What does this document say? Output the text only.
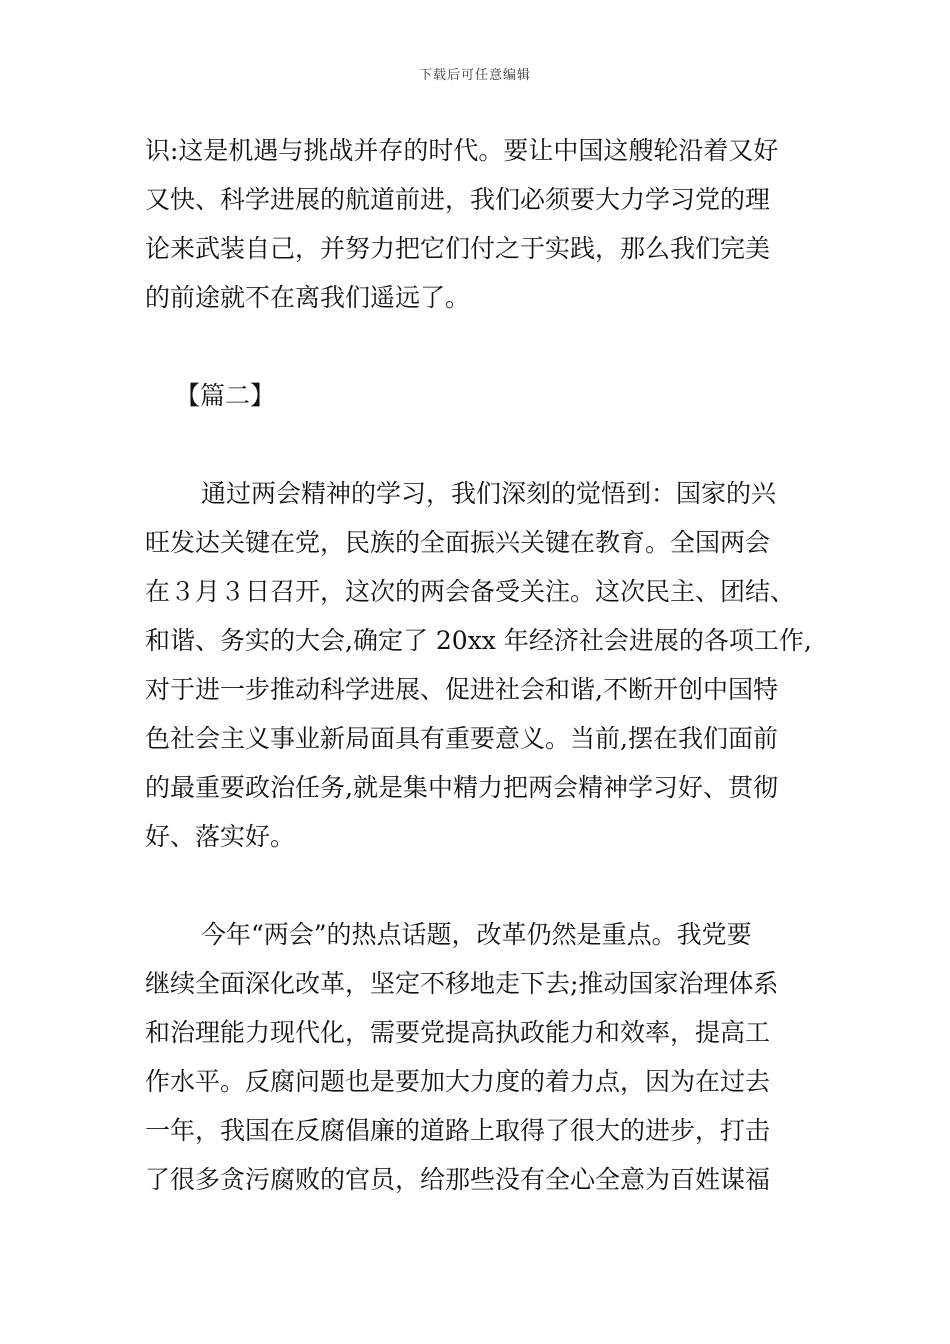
下载后可任意编辑
识:这是机遇与挑战并存的时代。要让中国这艘轮沿着又好
又快、科学进展的航道前进，我们必须要大力学习党的理
论来武装自己，并努力把它们付之于实践，那么我们完美
的前途就不在离我们遥远了。
【篇二】
通过两会精神的学习，我们深刻的觉悟到：国家的兴
旺发达关键在党，民族的全面振兴关键在教育。全国两会
在３月３日召开，这次的两会备受关注。这次民主、团结、
和谐、务实的大会,确定了 20xx 年经济社会进展的各项工作,
对于进一步推动科学进展、促进社会和谐,不断开创中国特
色社会主义事业新局面具有重要意义。当前,摆在我们面前
的最重要政治任务,就是集中精力把两会精神学习好、贯彻
好、落实好。
今年“两会”的热点话题，改革仍然是重点。我党要
继续全面深化改革，坚定不移地走下去;推动国家治理体系
和治理能力现代化，需要党提高执政能力和效率，提高工
作水平。反腐问题也是要加大力度的着力点，因为在过去
一年，我国在反腐倡廉的道路上取得了很大的进步，打击
了很多贪污腐败的官员，给那些没有全心全意为百姓谋福
